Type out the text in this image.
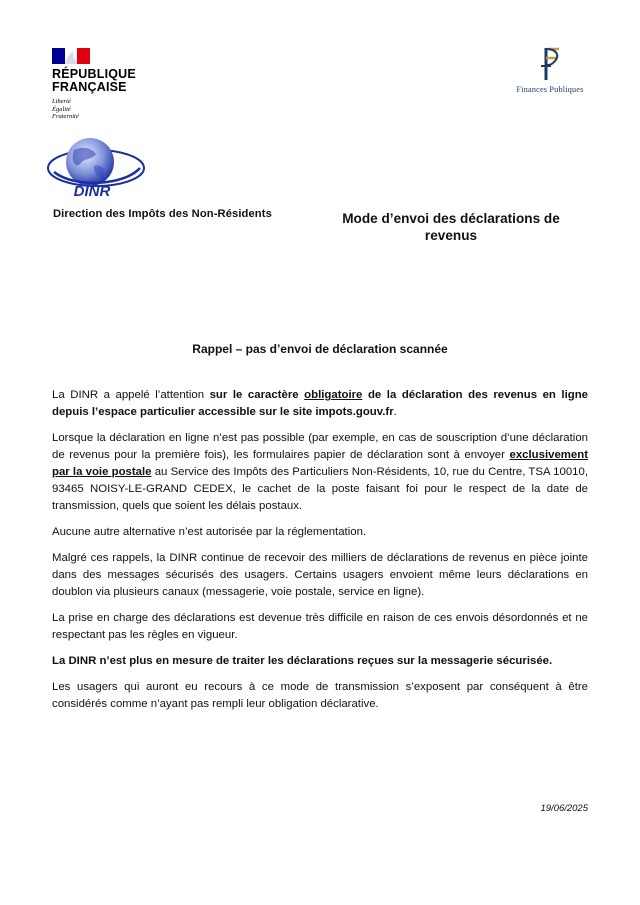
RÉPUBLIQUE
FRANÇAISE
Liberté
Égalité
Fraternité
Finances Publiques
DINR
Direction des Impôts des Non-Résidents	Mode d’envoi des déclarations de revenus
Rappel – pas d’envoi de déclaration scannée

La DINR a appelé l’attention sur le caractère obligatoire de la déclaration des revenus en ligne depuis l’espace particulier accessible sur le site impots.gouv.fr.

Lorsque la déclaration en ligne n’est pas possible (par exemple, en cas de souscription d’une déclaration de revenus pour la première fois), les formulaires papier de déclaration sont à envoyer exclusivement par la voie postale au Service des Impôts des Particuliers Non-Résidents, 10, rue du Centre, TSA 10010, 93465 NOISY-LE-GRAND CEDEX, le cachet de la poste faisant foi pour le respect de la date de transmission, quels que soient les délais postaux.

Aucune autre alternative n’est autorisée par la réglementation.

Malgré ces rappels, la DINR continue de recevoir des milliers de déclarations de revenus en pièce jointe dans des messages sécurisés des usagers. Certains usagers envoient même leurs déclarations en doublon via plusieurs canaux (messagerie, voie postale, service en ligne).

La prise en charge des déclarations est devenue très difficile en raison de ces envois désordonnés et ne respectant pas les règles en vigueur.

La DINR n’est plus en mesure de traiter les déclarations reçues sur la messagerie sécurisée.

Les usagers qui auront eu recours à ce mode de transmission s’exposent par conséquent à être considérés comme n’ayant pas rempli leur obligation déclarative.

19/06/2025
